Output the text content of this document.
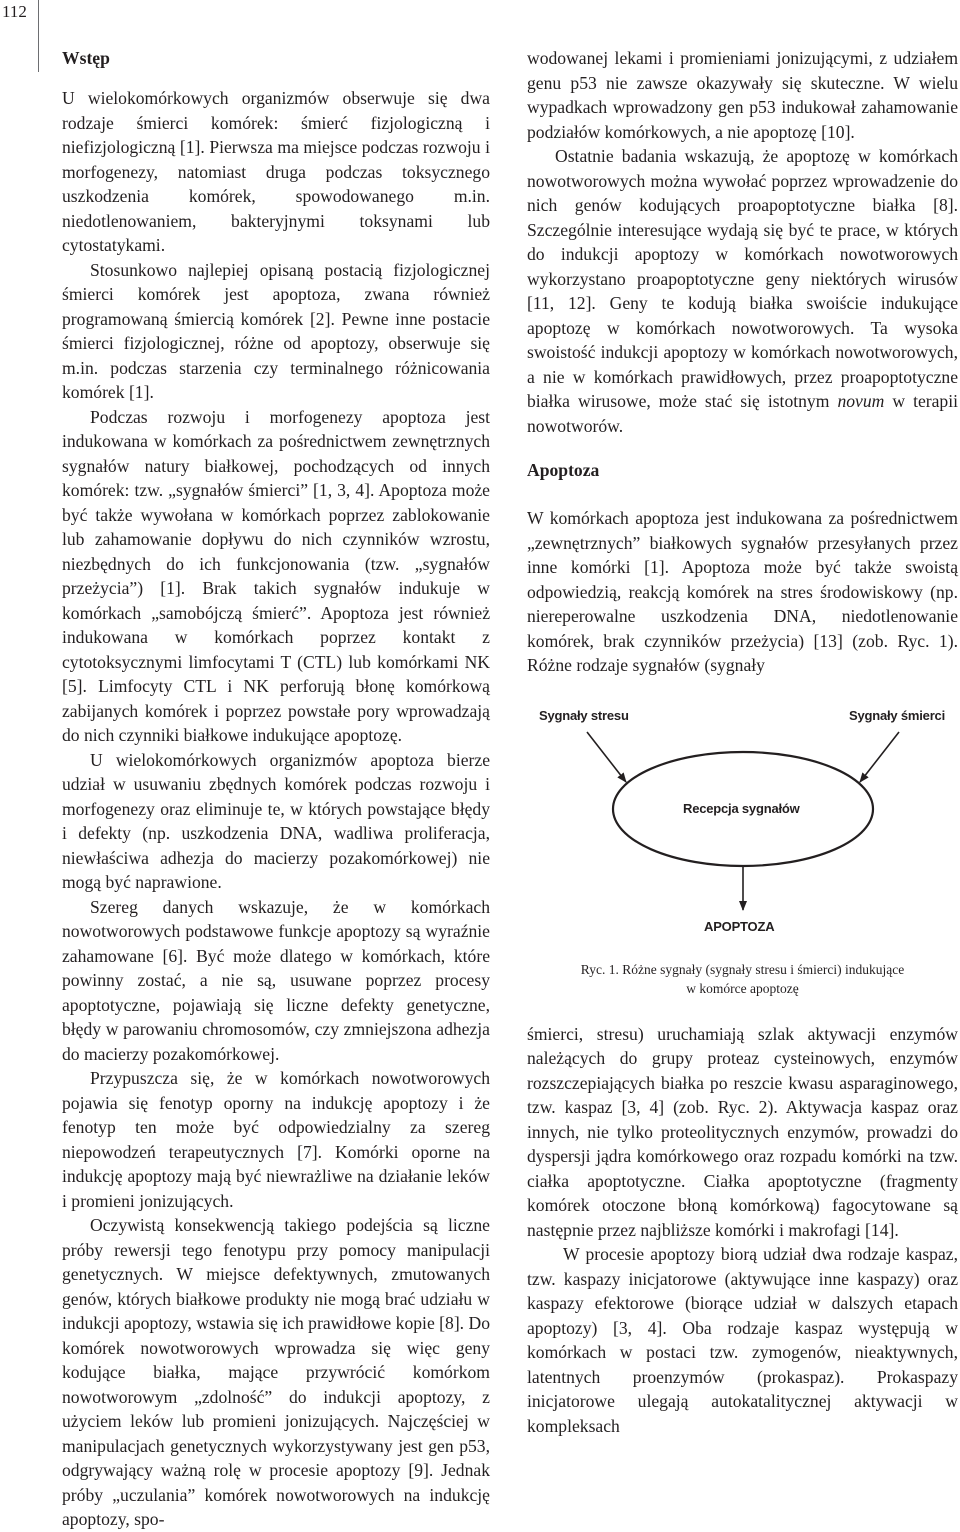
112
Wstęp

U wielokomórkowych organizmów obserwuje się dwa rodzaje śmierci komórek: śmierć fizjologiczną i niefizjologiczną [1]. Pierwsza ma miejsce podczas rozwoju i morfogenezy, natomiast druga podczas toksycznego uszkodzenia komórek, spowodowanego m.in. niedotlenowaniem, bakteryjnymi toksynami lub cytostatykami.

Stosunkowo najlepiej opisaną postacią fizjologicznej śmierci komórek jest apoptoza, zwana również programowaną śmiercią komórek [2]. Pewne inne postacie śmierci fizjologicznej, różne od apoptozy, obserwuje się m.in. podczas starzenia czy terminalnego różnicowania komórek [1].

Podczas rozwoju i morfogenezy apoptoza jest indukowana w komórkach za pośrednictwem zewnętrznych sygnałów natury białkowej, pochodzących od innych komórek: tzw. „sygnałów śmierci” [1, 3, 4]. Apoptoza może być także wywołana w komórkach poprzez zablokowanie lub zahamowanie dopływu do nich czynników wzrostu, niezbędnych do ich funkcjonowania (tzw. „sygnałów przeżycia”) [1]. Brak takich sygnałów indukuje w komórkach „samobójczą śmierć”. Apoptoza jest również indukowana w komórkach poprzez kontakt z cytotoksycznymi limfocytami T (CTL) lub komórkami NK [5]. Limfocyty CTL i NK perforują błonę komórkową zabijanych komórek i poprzez powstałe pory wprowadzają do nich czynniki białkowe indukujące apoptozę.

U wielokomórkowych organizmów apoptoza bierze udział w usuwaniu zbędnych komórek podczas rozwoju i morfogenezy oraz eliminuje te, w których powstające błędy i defekty (np. uszkodzenia DNA, wadliwa proliferacja, niewłaściwa adhezja do macierzy pozakomórkowej) nie mogą być naprawione.

Szereg danych wskazuje, że w komórkach nowotworowych podstawowe funkcje apoptozy są wyraźnie zahamowane [6]. Być może dlatego w komórkach, które powinny zostać, a nie są, usuwane poprzez procesy apoptotyczne, pojawiają się liczne defekty genetyczne, błędy w parowaniu chromosomów, czy zmniejszona adhezja do macierzy pozakomórkowej.

Przypuszcza się, że w komórkach nowotworowych pojawia się fenotyp oporny na indukcję apoptozy i że fenotyp ten może być odpowiedzialny za szereg niepowodzeń terapeutycznych [7]. Komórki oporne na indukcję apoptozy mają być niewrażliwe na działanie leków i promieni jonizujących.

Oczywistą konsekwencją takiego podejścia są liczne próby rewersji tego fenotypu przy pomocy manipulacji genetycznych. W miejsce defektywnych, zmutowanych genów, których białkowe produkty nie mogą brać udziału w indukcji apoptozy, wstawia się ich prawidłowe kopie [8]. Do komórek nowotworowych wprowadza się więc geny kodujące białka, mające przywrócić komórkom nowotworowym „zdolność” do indukcji apoptozy, z użyciem leków lub promieni jonizujących. Najczęściej w manipulacjach genetycznych wykorzystywany jest gen p53, odgrywający ważną rolę w procesie apoptozy [9]. Jednak próby „uczulania” komórek nowotworowych na indukcję apoptozy, spo-

wodowanej lekami i promieniami jonizującymi, z udziałem genu p53 nie zawsze okazywały się skuteczne. W wielu wypadkach wprowadzony gen p53 indukował zahamowanie podziałów komórkowych, a nie apoptozę [10].

Ostatnie badania wskazują, że apoptozę w komórkach nowotworowych można wywołać poprzez wprowadzenie do nich genów kodujących proapoptotyczne białka [8]. Szczególnie interesujące wydają się być te prace, w których do indukcji apoptozy w komórkach nowotworowych wykorzystano proapoptotyczne geny niektórych wirusów [11, 12]. Geny te kodują białka swoiście indukujące apoptozę w komórkach nowotworowych. Ta wysoka swoistość indukcji apoptozy w komórkach nowotworowych, a nie w komórkach prawidłowych, przez proapoptotyczne białka wirusowe, może stać się istotnym novum w terapii nowotworów.

Apoptoza

W komórkach apoptoza jest indukowana za pośrednictwem „zewnętrznych” białkowych sygnałów przesyłanych przez inne komórki [1]. Apoptoza może być także swoistą odpowiedzią, reakcją komórek na stres środowiskowy (np. niereperowalne uszkodzenia DNA, niedotlenowanie komórek, brak czynników przeżycia) [13] (zob. Ryc. 1). Różne rodzaje sygnałów (sygnały

Sygnały stresu	Sygnały śmierci
Recepcja sygnałów
APOPTOZA
Ryc. 1. Różne sygnały (sygnały stresu i śmierci) indukujące
w komórce apoptozę

śmierci, stresu) uruchamiają szlak aktywacji enzymów należących do grupy proteaz cysteinowych, enzymów rozszczepiających białka po reszcie kwasu asparaginowego, tzw. kaspaz [3, 4] (zob. Ryc. 2). Aktywacja kaspaz oraz innych, nie tylko proteolitycznych enzymów, prowadzi do dyspersji jądra komórkowego oraz rozpadu komórki na tzw. ciałka apoptotyczne. Ciałka apoptotyczne (fragmenty komórek otoczone błoną komórkową) fagocytowane są następnie przez najbliższe komórki i makrofagi [14].

W procesie apoptozy biorą udział dwa rodzaje kaspaz, tzw. kaspazy inicjatorowe (aktywujące inne kaspazy) oraz kaspazy efektorowe (biorące udział w dalszych etapach apoptozy) [3, 4]. Oba rodzaje kaspaz występują w komórkach w postaci tzw. zymogenów, nieaktywnych, latentnych proenzymów (prokaspaz). Prokaspazy inicjatorowe ulegają autokatalitycznej aktywacji w kompleksach
